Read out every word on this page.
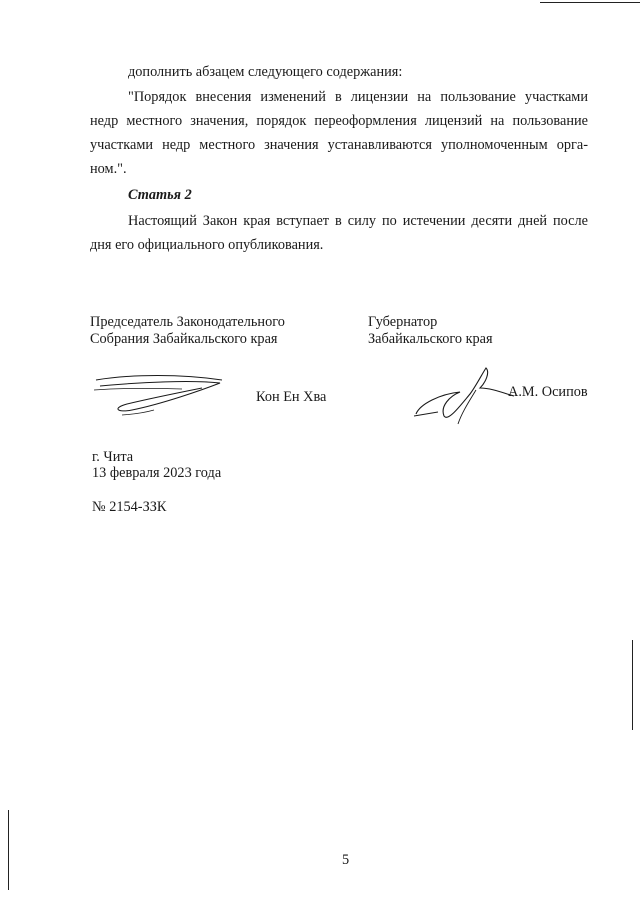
дополнить абзацем следующего содержания:
"Порядок внесения изменений в лицензии на пользование участками
недр местного значения, порядок переоформления лицензий на пользование
участками недр местного значения устанавливаются уполномоченным орга-
ном.".
Статья 2
Настоящий Закон края вступает в силу по истечении десяти дней после
дня его официального опубликования.
Председатель Законодательного
Собрания Забайкальского края
Губернатор
Забайкальского края
Кон Ен Хва	А.М. Осипов
г. Чита
13 февраля 2023 года
№ 2154-ЗЗК
5
